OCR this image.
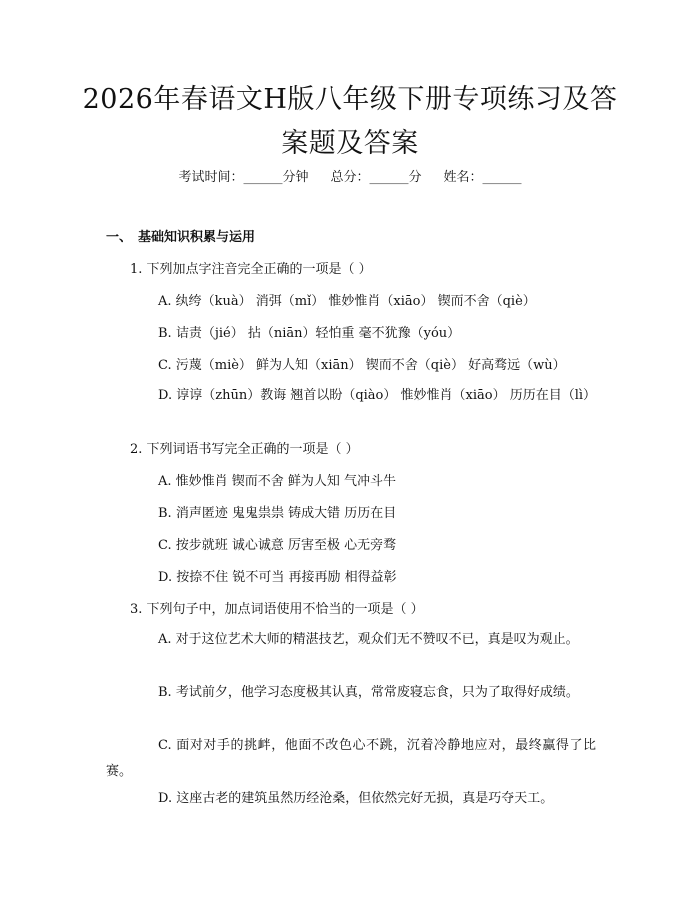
2026年春语文H版八年级下册专项练习及答案题及答案
考试时间：______分钟 总分：______分 姓名：______
一、 基础知识积累与运用
1. 下列加点字注音完全正确的一项是（ ）
A. 纨绔（kuà） 消弭（mǐ） 惟妙惟肖（xiāo） 锲而不舍（qiè）
B. 诘责（jié） 拈（niān）轻怕重 毫不犹豫（yóu）
C. 污蔑（miè） 鲜为人知（xiān） 锲而不舍（qiè） 好高骛远（wù）
D. 谆谆（zhūn）教诲 翘首以盼（qiào） 惟妙惟肖（xiāo） 历历在目（lì）
2. 下列词语书写完全正确的一项是（ ）
A. 惟妙惟肖 锲而不舍 鲜为人知 气冲斗牛
B. 消声匿迹 鬼鬼祟祟 铸成大错 历历在目
C. 按步就班 诚心诚意 厉害至极 心无旁骛
D. 按捺不住 锐不可当 再接再励 相得益彰
3. 下列句子中，加点词语使用不恰当的一项是（ ）
A. 对于这位艺术大师的精湛技艺，观众们无不赞叹不已，真是叹为观止。
B. 考试前夕，他学习态度极其认真，常常废寝忘食，只为了取得好成绩。
C. 面对对手的挑衅，他面不改色心不跳，沉着冷静地应对，最终赢得了比赛。
D. 这座古老的建筑虽然历经沧桑，但依然完好无损，真是巧夺天工。
